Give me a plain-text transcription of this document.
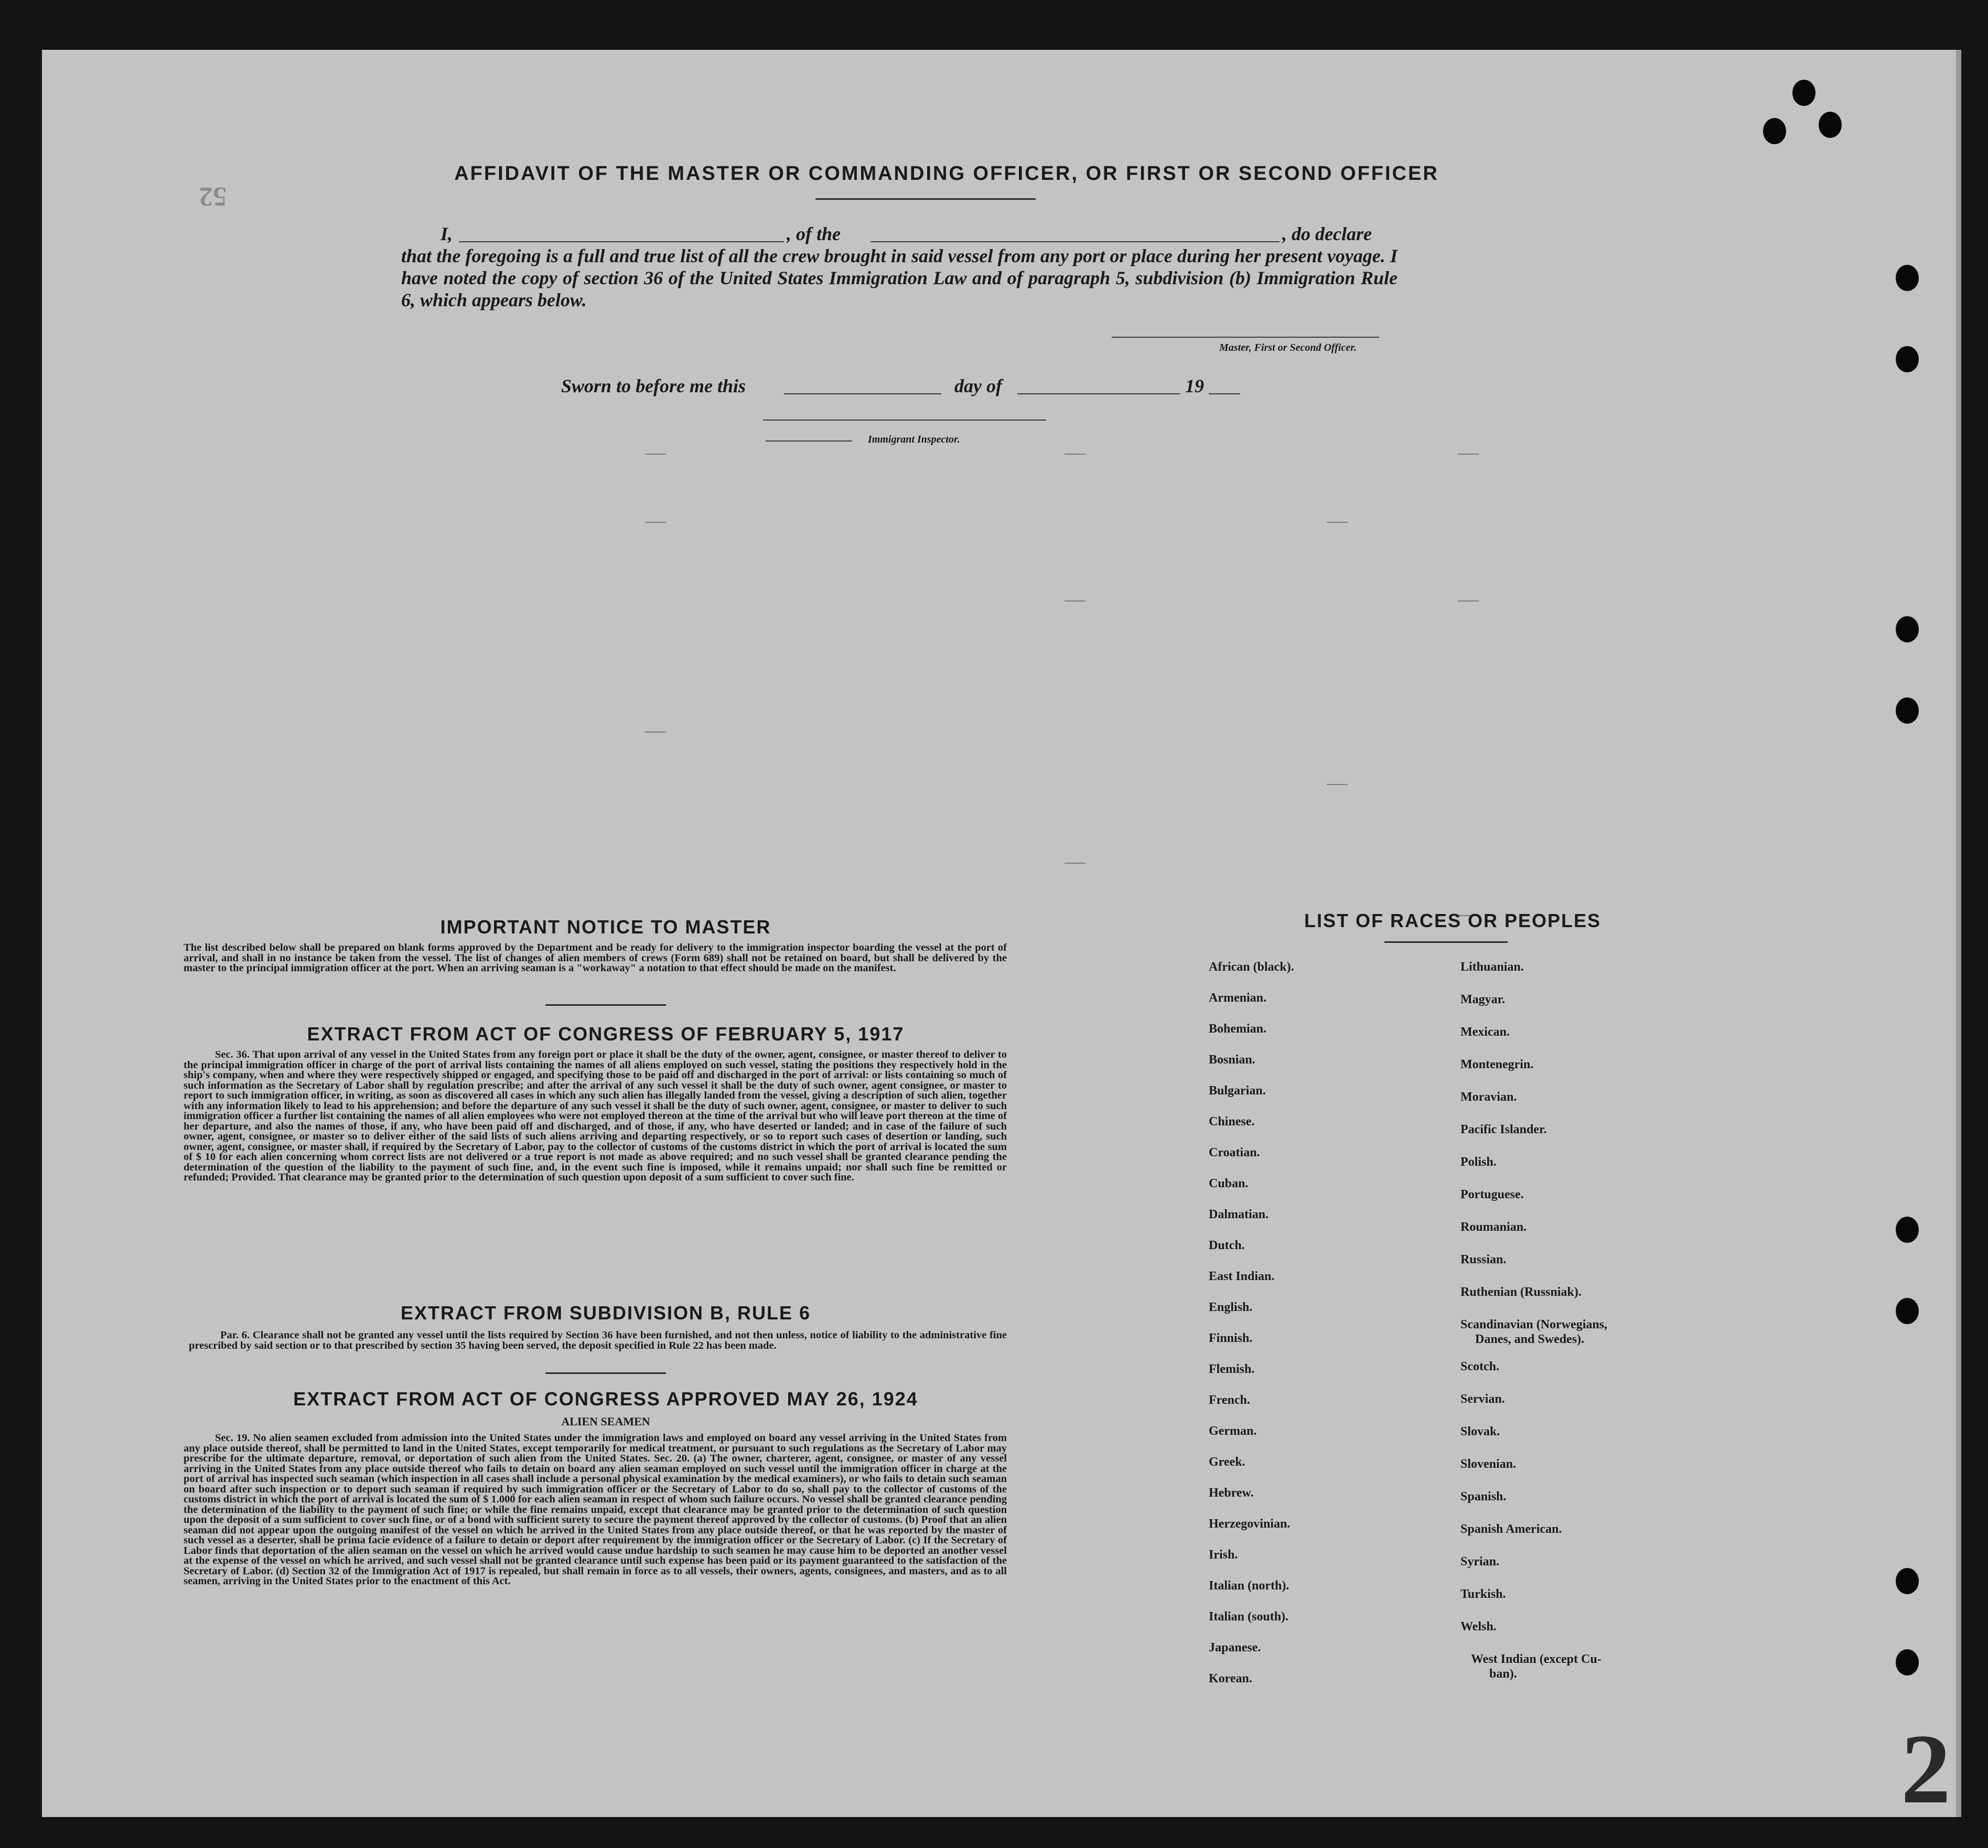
52
2
AFFIDAVIT OF THE MASTER OR COMMANDING OFFICER, OR FIRST OR SECOND OFFICER
I,	, of the	, do declare
that the foregoing is a full and true list of all the crew brought in said vessel from any port or place during her present voyage. I have noted the copy of section 36 of the United States Immigration Law and of paragraph 5, subdivision (b) Immigration Rule 6, which appears below.
Master, First or Second Officer.
Sworn to before me this	day of	19
Immigrant Inspector.
IMPORTANT NOTICE TO MASTER
The list described below shall be prepared on blank forms approved by the Department and be ready for delivery to the immigration inspector boarding the vessel at the port of arrival, and shall in no instance be taken from the vessel. The list of changes of alien members of crews (Form 689) shall not be retained on board, but shall be delivered by the master to the principal immigration officer at the port. When an arriving seaman is a "workaway" a notation to that effect should be made on the manifest.
EXTRACT FROM ACT OF CONGRESS OF FEBRUARY 5, 1917
Sec. 36. That upon arrival of any vessel in the United States from any foreign port or place it shall be the duty of the owner, agent, consignee, or master thereof to deliver to the principal immigration officer in charge of the port of arrival lists containing the names of all aliens employed on such vessel, stating the positions they respectively hold in the ship's company, when and where they were respectively shipped or engaged, and specifying those to be paid off and discharged in the port of arrival: or lists containing so much of such information as the Secretary of Labor shall by regulation prescribe; and after the arrival of any such vessel it shall be the duty of such owner, agent consignee, or master to report to such immigration officer, in writing, as soon as discovered all cases in which any such alien has illegally landed from the vessel, giving a description of such alien, together with any information likely to lead to his apprehension; and before the departure of any such vessel it shall be the duty of such owner, agent, consignee, or master to deliver to such immigration officer a further list containing the names of all alien employees who were not employed thereon at the time of the arrival but who will leave port thereon at the time of her departure, and also the names of those, if any, who have been paid off and discharged, and of those, if any, who have deserted or landed; and in case of the failure of such owner, agent, consignee, or master so to deliver either of the said lists of such aliens arriving and departing respectively, or so to report such cases of desertion or landing, such owner, agent, consignee, or master shall, if required by the Secretary of Labor, pay to the collector of customs of the customs district in which the port of arrival is located the sum of $ 10 for each alien concerning whom correct lists are not delivered or a true report is not made as above required; and no such vessel shall be granted clearance pending the determination of the question of the liability to the payment of such fine, and, in the event such fine is imposed, while it remains unpaid; nor shall such fine be remitted or refunded; Provided. That clearance may be granted prior to the determination of such question upon deposit of a sum sufficient to cover such fine.
EXTRACT FROM SUBDIVISION B, RULE 6
Par. 6. Clearance shall not be granted any vessel until the lists required by Section 36 have been furnished, and not then unless, notice of liability to the administrative fine prescribed by said section or to that prescribed by section 35 having been served, the deposit specified in Rule 22 has been made.
EXTRACT FROM ACT OF CONGRESS APPROVED MAY 26, 1924
ALIEN SEAMEN
Sec. 19. No alien seamen excluded from admission into the United States under the immigration laws and employed on board any vessel arriving in the United States from any place outside thereof, shall be permitted to land in the United States, except temporarily for medical treatment, or pursuant to such regulations as the Secretary of Labor may prescribe for the ultimate departure, removal, or deportation of such alien from the United States. Sec. 20. (a) The owner, charterer, agent, consignee, or master of any vessel arriving in the United States from any place outside thereof who fails to detain on board any alien seaman employed on such vessel until the immigration officer in charge at the port of arrival has inspected such seaman (which inspection in all cases shall include a personal physical examination by the medical examiners), or who fails to detain such seaman on board after such inspection or to deport such seaman if required by such immigration officer or the Secretary of Labor to do so, shall pay to the collector of customs of the customs district in which the port of arrival is located the sum of $ 1.000 for each alien seaman in respect of whom such failure occurs. No vessel shall be granted clearance pending the determination of the liability to the payment of such fine; or while the fine remains unpaid, except that clearance may be granted prior to the determination of such question upon the deposit of a sum sufficient to cover such fine, or of a bond with sufficient surety to secure the payment thereof approved by the collector of customs. (b) Proof that an alien seaman did not appear upon the outgoing manifest of the vessel on which he arrived in the United States from any place outside thereof, or that he was reported by the master of such vessel as a deserter, shall be prima facie evidence of a failure to detain or deport after requirement by the immigration officer or the Secretary of Labor. (c) If the Secretary of Labor finds that deportation of the alien seaman on the vessel on which he arrived would cause undue hardship to such seamen he may cause him to be deported an another vessel at the expense of the vessel on which he arrived, and such vessel shall not be granted clearance until such expense has been paid or its payment guaranteed to the satisfaction of the Secretary of Labor. (d) Section 32 of the Immigration Act of 1917 is repealed, but shall remain in force as to all vessels, their owners, agents, consignees, and masters, and as to all seamen, arriving in the United States prior to the enactment of this Act.
LIST OF RACES OR PEOPLES
African (black).
Armenian.
Bohemian.
Bosnian.
Bulgarian.
Chinese.
Croatian.
Cuban.
Dalmatian.
Dutch.
East Indian.
English.
Finnish.
Flemish.
French.
German.
Greek.
Hebrew.
Herzegovinian.
Irish.
Italian (north).
Italian (south).
Japanese.
Korean.
Lithuanian.
Magyar.
Mexican.
Montenegrin.
Moravian.
Pacific Islander.
Polish.
Portuguese.
Roumanian.
Russian.
Ruthenian (Russniak).
Scandinavian (Norwegians,
Danes, and Swedes).
Scotch.
Servian.
Slovak.
Slovenian.
Spanish.
Spanish American.
Syrian.
Turkish.
Welsh.
West Indian (except Cu-
ban).
